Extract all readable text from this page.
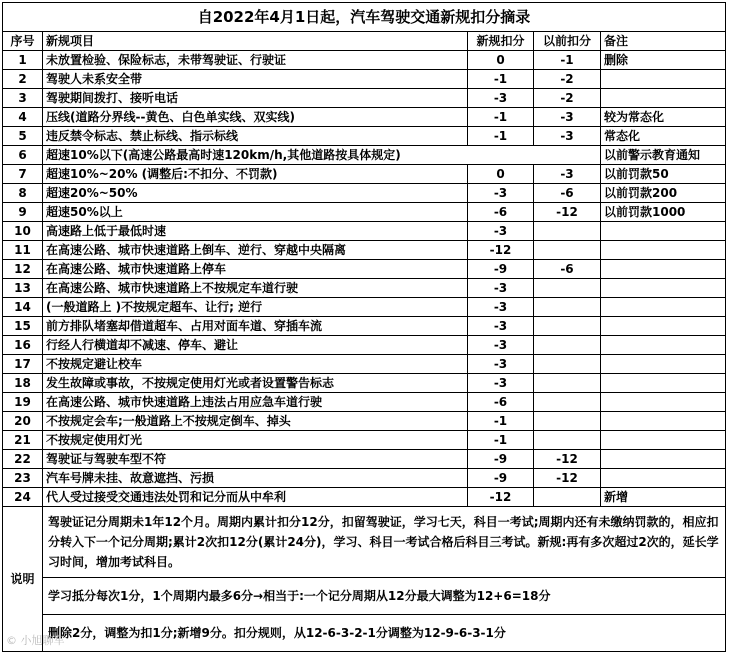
自2022年4月1日起，汽车驾驶交通新规扣分摘录				
序号	新规项目	新规扣分	以前扣分	备注
1	未放置检验、保险标志，未带驾驶证、行驶证	0	-1	删除
2	驾驶人未系安全带	-1	-2	
3	驾驶期间拨打、接听电话	-3	-2	
4	压线(道路分界线--黄色、白色单实线、双实线)	-1	-3	较为常态化
5	违反禁令标志、禁止标线、指示标线	-1	-3	常态化
6	超速10%以下(高速公路最高时速120km/h,其他道路按具体规定)			以前警示教育通知
7	超速10%~20% (调整后:不扣分、不罚款)	0	-3	以前罚款50
8	超速20%~50%	-3	-6	以前罚款200
9	超速50%以上	-6	-12	以前罚款1000
10	高速路上低于最低时速	-3		
11	在高速公路、城市快速道路上倒车、逆行、穿越中央隔离	-12		
12	在高速公路、城市快速道路上停车	-9	-6	
13	在高速公路、城市快速道路上不按规定车道行驶	-3		
14	(一般道路上 )不按规定超车、让行; 逆行	-3		
15	前方排队堵塞却借道超车、占用对面车道、穿插车流	-3		
16	行经人行横道却不减速、停车、避让	-3		
17	不按规定避让校车	-3		
18	发生故障或事故，不按规定使用灯光或者设置警告标志	-3		
19	在高速公路、城市快速道路上违法占用应急车道行驶	-6		
20	不按规定会车;一般道路上不按规定倒车、掉头	-1		
21	不按规定使用灯光	-1		
22	驾驶证与驾驶车型不符	-9	-12	
23	汽车号牌未挂、故意遮挡、污损	-9	-12	
24	代人受过接受交通违法处罚和记分而从中牟利	-12		新增
说明	驾驶证记分周期未1年12个月。周期内累计扣分12分，扣留驾驶证，学习七天，科目一考试;周期内还有未缴纳罚款的，相应扣分转入下一个记分周期;累计2次扣12分(累计24分)，学习、科目一考试合格后科目三考试。新规:再有多次超过2次的，延长学习时间，增加考试科目。
学习抵分每次1分，1个周期内最多6分→相当于:一个记分周期从12分最大调整为12+6=18分
删除2分，调整为扣1分;新增9分。扣分规则，从12-6-3-2-1分调整为12-9-6-3-1分
© 小旭聊车
